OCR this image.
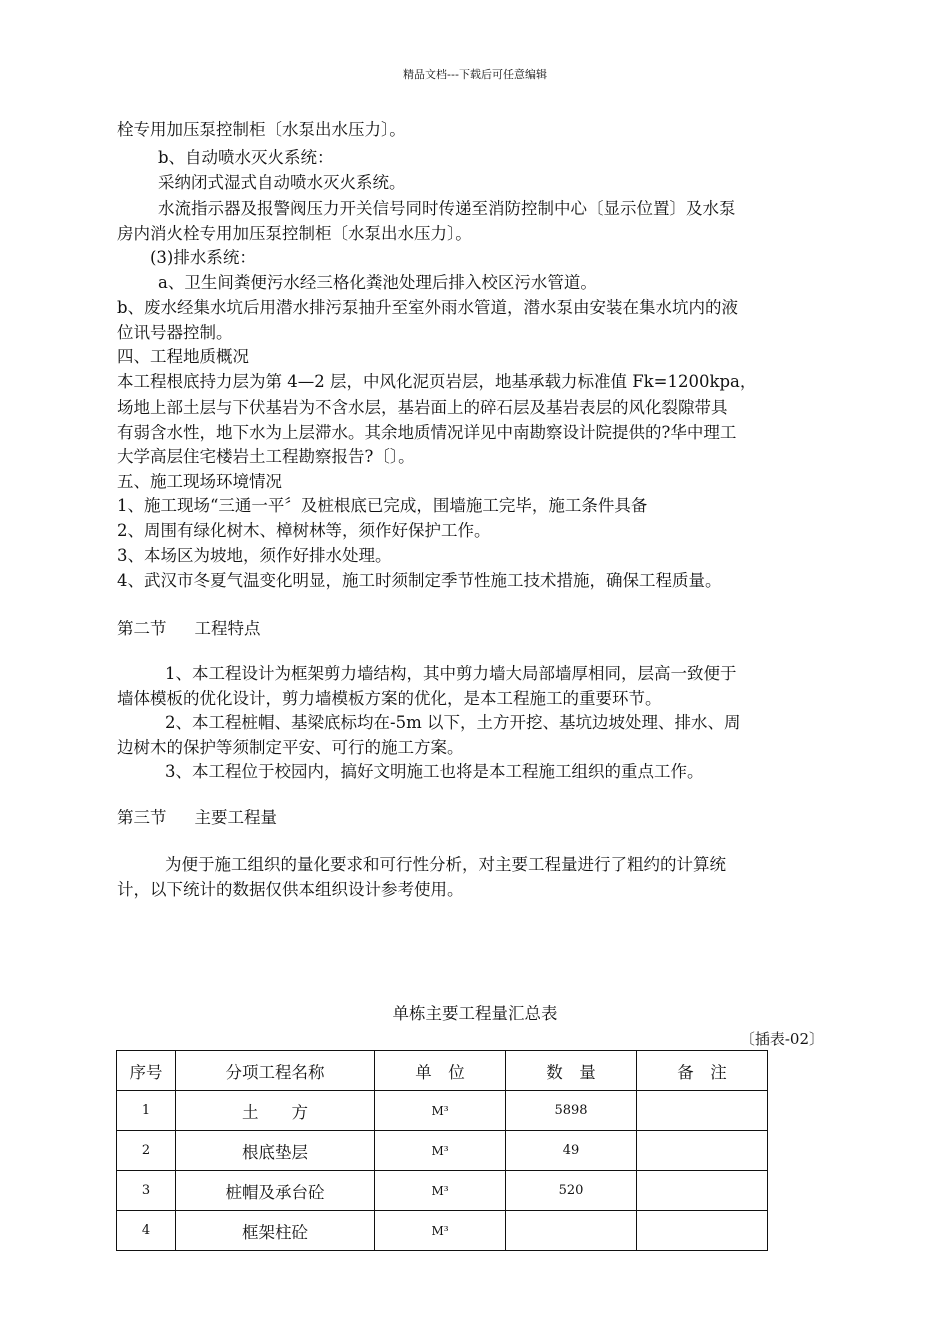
精品文档---下载后可任意编辑
栓专用加压泵控制柜〔水泵出水压力〕。
b、自动喷水灭火系统：
采纳闭式湿式自动喷水灭火系统。
水流指示器及报警阀压力开关信号同时传递至消防控制中心〔显示位置〕及水泵
房内消火栓专用加压泵控制柜〔水泵出水压力〕。
(3)排水系统：
a、卫生间粪便污水经三格化粪池处理后排入校区污水管道。
b、废水经集水坑后用潜水排污泵抽升至室外雨水管道，潜水泵由安装在集水坑内的液
位讯号器控制。
四、工程地质概况
本工程根底持力层为第 4—2 层，中风化泥页岩层，地基承载力标准值 Fk=1200kpa，
场地上部土层与下伏基岩为不含水层，基岩面上的碎石层及基岩表层的风化裂隙带具
有弱含水性，地下水为上层滞水。其余地质情况详见中南勘察设计院提供的?华中理工
大学高层住宅楼岩土工程勘察报告?〔〕。
五、施工现场环境情况
1、施工现场“三通一平〞及桩根底已完成，围墙施工完毕，施工条件具备
2、周围有绿化树木、樟树林等，须作好保护工作。
3、本场区为坡地，须作好排水处理。
4、武汉市冬夏气温变化明显，施工时须制定季节性施工技术措施，确保工程质量。
第二节 工程特点
1、本工程设计为框架剪力墙结构，其中剪力墙大局部墙厚相同，层高一致便于
墙体模板的优化设计，剪力墙模板方案的优化，是本工程施工的重要环节。
2、本工程桩帽、基梁底标均在-5m 以下，土方开挖、基坑边坡处理、排水、周
边树木的保护等须制定平安、可行的施工方案。
3、本工程位于校园内，搞好文明施工也将是本工程施工组织的重点工作。
第三节 主要工程量
为便于施工组织的量化要求和可行性分析，对主要工程量进行了粗约的计算统
计，以下统计的数据仅供本组织设计参考使用。
单栋主要工程量汇总表
〔插表-02〕
序号	分项工程名称	单　位	数　量	备　注
1	土　　方	M³	5898	
2	根底垫层	M³	49	
3	桩帽及承台砼	M³	520	
4	框架柱砼	M³		
